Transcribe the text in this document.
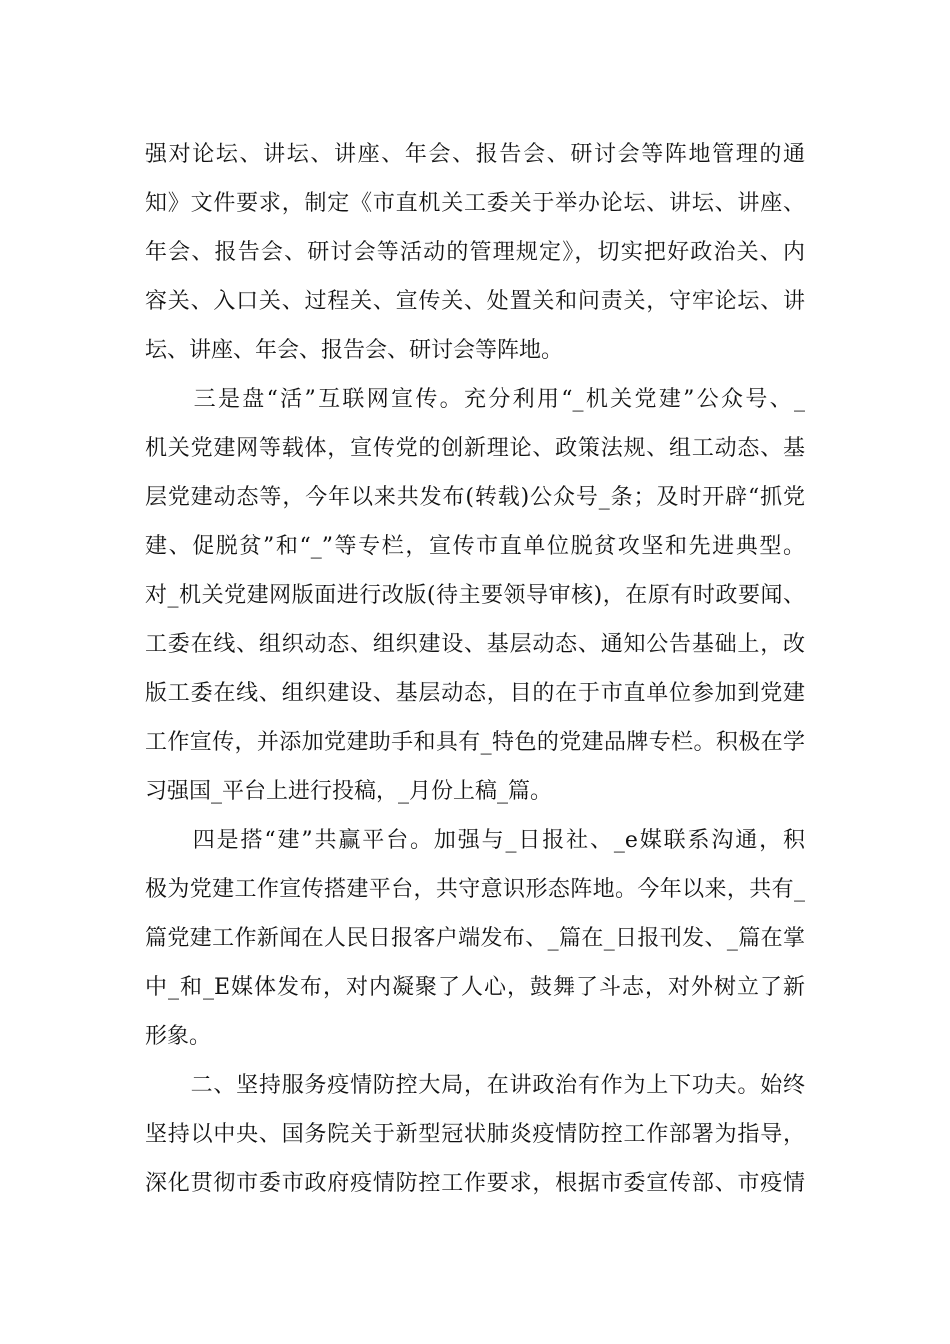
强对论坛、讲坛、讲座、年会、报告会、研讨会等阵地管理的通
知》文件要求，制定《市直机关工委关于举办论坛、讲坛、讲座、
年会、报告会、研讨会等活动的管理规定》，切实把好政治关、内
容关、入口关、过程关、宣传关、处置关和问责关，守牢论坛、讲
坛、讲座、年会、报告会、研讨会等阵地。
　　三是盘“活”互联网宣传。充分利用“_机关党建”公众号、_
机关党建网等载体，宣传党的创新理论、政策法规、组工动态、基
层党建动态等，今年以来共发布(转载)公众号_条；及时开辟“抓党
建、促脱贫”和“_”等专栏，宣传市直单位脱贫攻坚和先进典型。
对_机关党建网版面进行改版(待主要领导审核)，在原有时政要闻、
工委在线、组织动态、组织建设、基层动态、通知公告基础上，改
版工委在线、组织建设、基层动态，目的在于市直单位参加到党建
工作宣传，并添加党建助手和具有_特色的党建品牌专栏。积极在学
习强国_平台上进行投稿，_月份上稿_篇。
　　四是搭“建”共赢平台。加强与_日报社、_e媒联系沟通，积
极为党建工作宣传搭建平台，共守意识形态阵地。今年以来，共有_
篇党建工作新闻在人民日报客户端发布、_篇在_日报刊发、_篇在掌
中_和_E媒体发布，对内凝聚了人心，鼓舞了斗志，对外树立了新
形象。
　　二、坚持服务疫情防控大局，在讲政治有作为上下功夫。始终
坚持以中央、国务院关于新型冠状肺炎疫情防控工作部署为指导，
深化贯彻市委市政府疫情防控工作要求，根据市委宣传部、市疫情
